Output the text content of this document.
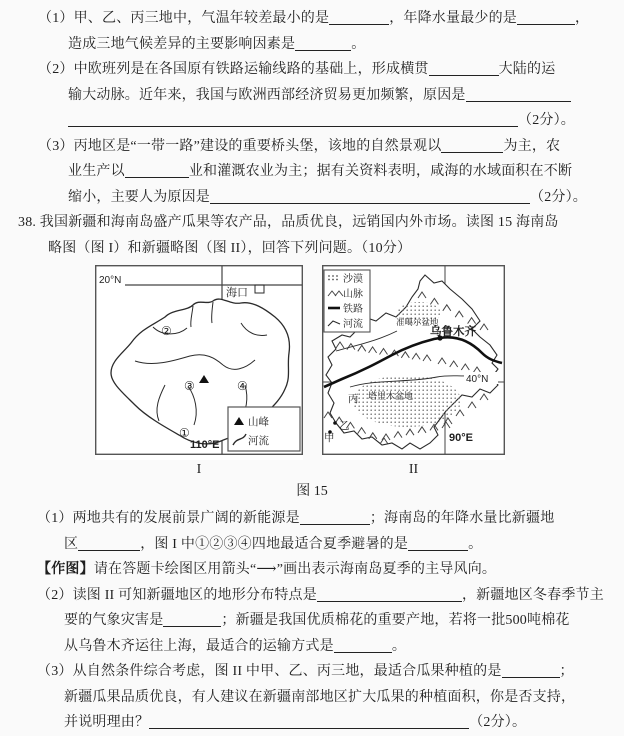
（1）甲、乙、丙三地中，气温年较差最小的是	，年降水量最少的是	，
造成三地气候差异的主要影响因素是	。
（2）中欧班列是在各国原有铁路运输线路的基础上，形成横贯	大陆的运
输大动脉。近年来，我国与欧洲西部经济贸易更加频繁，原因是
（2分）。
（3）丙地区是“一带一路”建设的重要桥头堡，该地的自然景观以	为主，农
业生产以	业和灌溉农业为主；据有关资料表明，咸海的水域面积在不断
缩小，主要人为原因是	（2分）。
38. 我国新疆和海南岛盛产瓜果等农产品，品质优良，远销国内外市场。读图 15 海南岛
略图（图 I）和新疆略图（图 II），回答下列问题。（10分）
20°N
海口
②
③	④
①
110°E
山峰
河流
准噶尔盆地
乌鲁木齐
40°N
塔里木盆地
丙
乙
甲	90°E
沙漠
山脉
铁路
河流
I	II
图 15
（1）两地共有的发展前景广阔的新能源是	；海南岛的年降水量比新疆地
区	，图 I 中①②③④四地最适合夏季避暑的是	。
【作图】请在答题卡绘图区用箭头“⟶”画出表示海南岛夏季的主导风向。
（2）读图 II 可知新疆地区的地形分布特点是	，新疆地区冬春季节主
要的气象灾害是	；新疆是我国优质棉花的重要产地，若将一批500吨棉花
从乌鲁木齐运往上海，最适合的运输方式是	。
（3）从自然条件综合考虑，图 II 中甲、乙、丙三地，最适合瓜果种植的是	；
新疆瓜果品质优良，有人建议在新疆南部地区扩大瓜果的种植面积，你是否支持，
并说明理由？	（2分）。
